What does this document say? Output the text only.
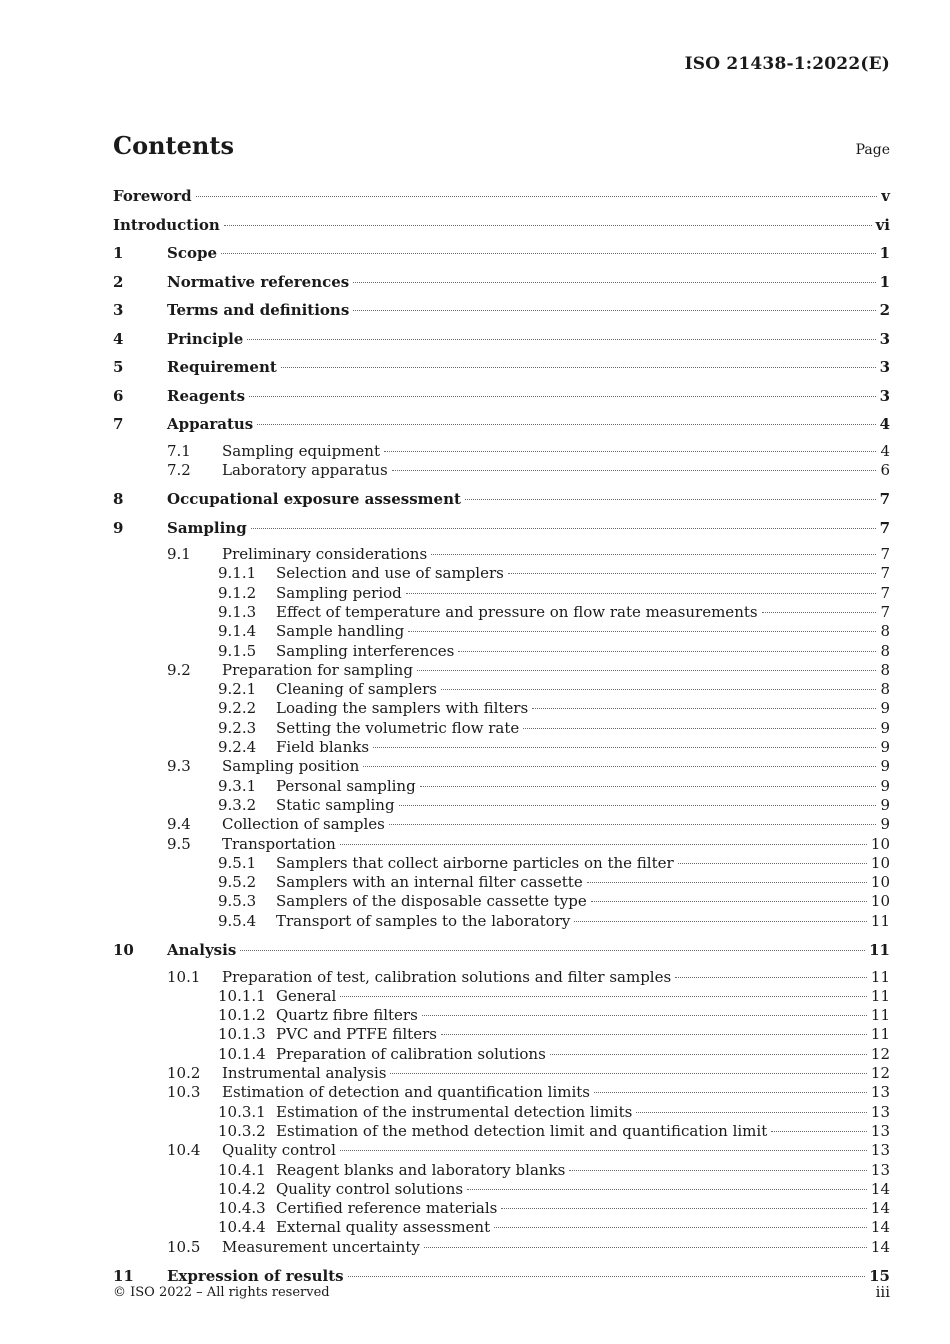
ISO 21438-1:2022(E)
Contents	Page
Foreword	v
Introduction	vi
1	Scope	1
2	Normative references	1
3	Terms and definitions	2
4	Principle	3
5	Requirement	3
6	Reagents	3
7	Apparatus	4
7.1 Sampling equipment	4
7.2 Laboratory apparatus	6
8	Occupational exposure assessment	7
9	Sampling	7
9.1 Preliminary considerations	7
9.1.1 Selection and use of samplers	7
9.1.2 Sampling period	7
9.1.3 Effect of temperature and pressure on flow rate measurements	7
9.1.4 Sample handling	8
9.1.5 Sampling interferences	8
9.2 Preparation for sampling	8
9.2.1 Cleaning of samplers	8
9.2.2 Loading the samplers with filters	9
9.2.3 Setting the volumetric flow rate	9
9.2.4 Field blanks	9
9.3 Sampling position	9
9.3.1 Personal sampling	9
9.3.2 Static sampling	9
9.4 Collection of samples	9
9.5 Transportation	10
9.5.1 Samplers that collect airborne particles on the filter	10
9.5.2 Samplers with an internal filter cassette	10
9.5.3 Samplers of the disposable cassette type	10
9.5.4 Transport of samples to the laboratory	11
10 Analysis	11
10.1 Preparation of test, calibration solutions and filter samples	11
10.1.1 General	11
10.1.2 Quartz fibre filters	11
10.1.3 PVC and PTFE filters	11
10.1.4 Preparation of calibration solutions	12
10.2 Instrumental analysis	12
10.3 Estimation of detection and quantification limits	13
10.3.1 Estimation of the instrumental detection limits	13
10.3.2 Estimation of the method detection limit and quantification limit	13
10.4 Quality control	13
10.4.1 Reagent blanks and laboratory blanks	13
10.4.2 Quality control solutions	14
10.4.3 Certified reference materials	14
10.4.4 External quality assessment	14
10.5 Measurement uncertainty	14
11 Expression of results	15
© ISO 2022 – All rights reserved	iii
